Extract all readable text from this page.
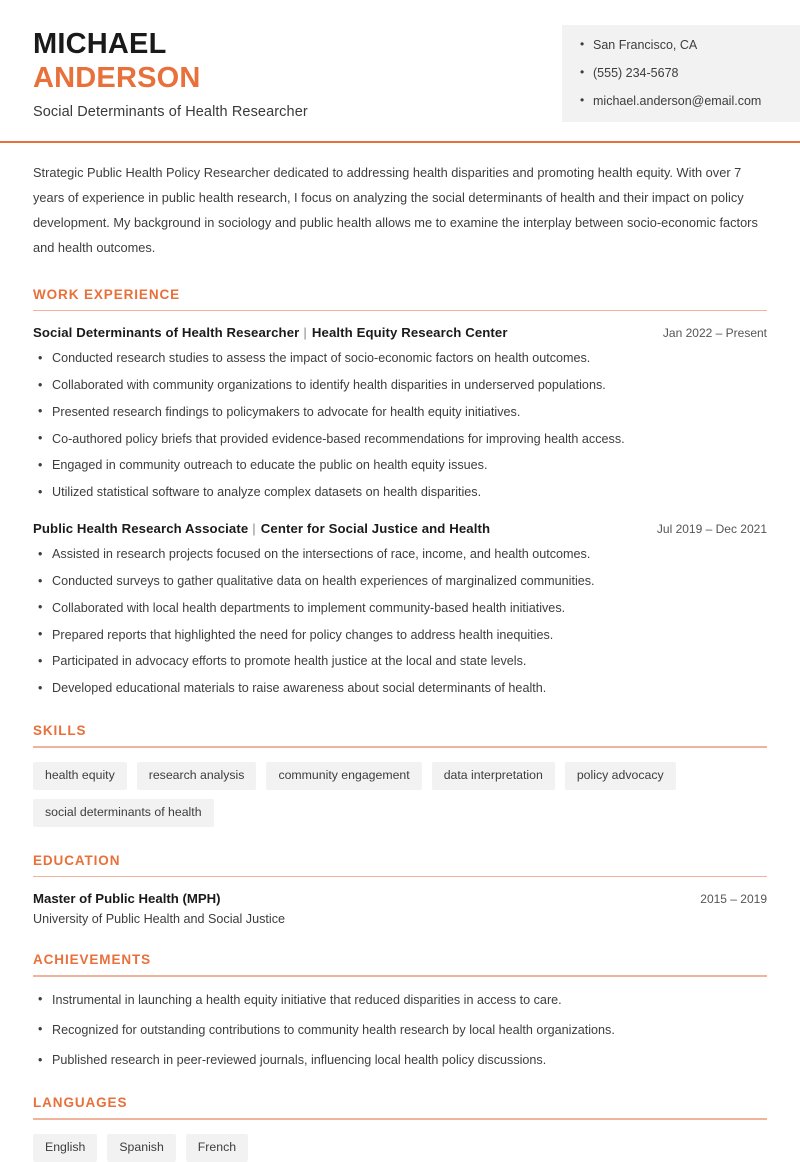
MICHAEL
ANDERSON
Social Determinants of Health Researcher
• San Francisco, CA
• (555) 234-5678
• michael.anderson@email.com

Strategic Public Health Policy Researcher dedicated to addressing health disparities and promoting health equity. With over 7 years of experience in public health research, I focus on analyzing the social determinants of health and their impact on policy development. My background in sociology and public health allows me to examine the interplay between socio-economic factors and health outcomes.

WORK EXPERIENCE
Social Determinants of Health Researcher | Health Equity Research Center	Jan 2022 – Present
• Conducted research studies to assess the impact of socio-economic factors on health outcomes.
• Collaborated with community organizations to identify health disparities in underserved populations.
• Presented research findings to policymakers to advocate for health equity initiatives.
• Co-authored policy briefs that provided evidence-based recommendations for improving health access.
• Engaged in community outreach to educate the public on health equity issues.
• Utilized statistical software to analyze complex datasets on health disparities.
Public Health Research Associate | Center for Social Justice and Health	Jul 2019 – Dec 2021
• Assisted in research projects focused on the intersections of race, income, and health outcomes.
• Conducted surveys to gather qualitative data on health experiences of marginalized communities.
• Collaborated with local health departments to implement community-based health initiatives.
• Prepared reports that highlighted the need for policy changes to address health inequities.
• Participated in advocacy efforts to promote health justice at the local and state levels.
• Developed educational materials to raise awareness about social determinants of health.
SKILLS
health equity	research analysis	community engagement	data interpretation	policy advocacy
social determinants of health
EDUCATION
Master of Public Health (MPH)	2015 – 2019
University of Public Health and Social Justice
ACHIEVEMENTS
• Instrumental in launching a health equity initiative that reduced disparities in access to care.
• Recognized for outstanding contributions to community health research by local health organizations.
• Published research in peer-reviewed journals, influencing local health policy discussions.
LANGUAGES
English	Spanish	French
